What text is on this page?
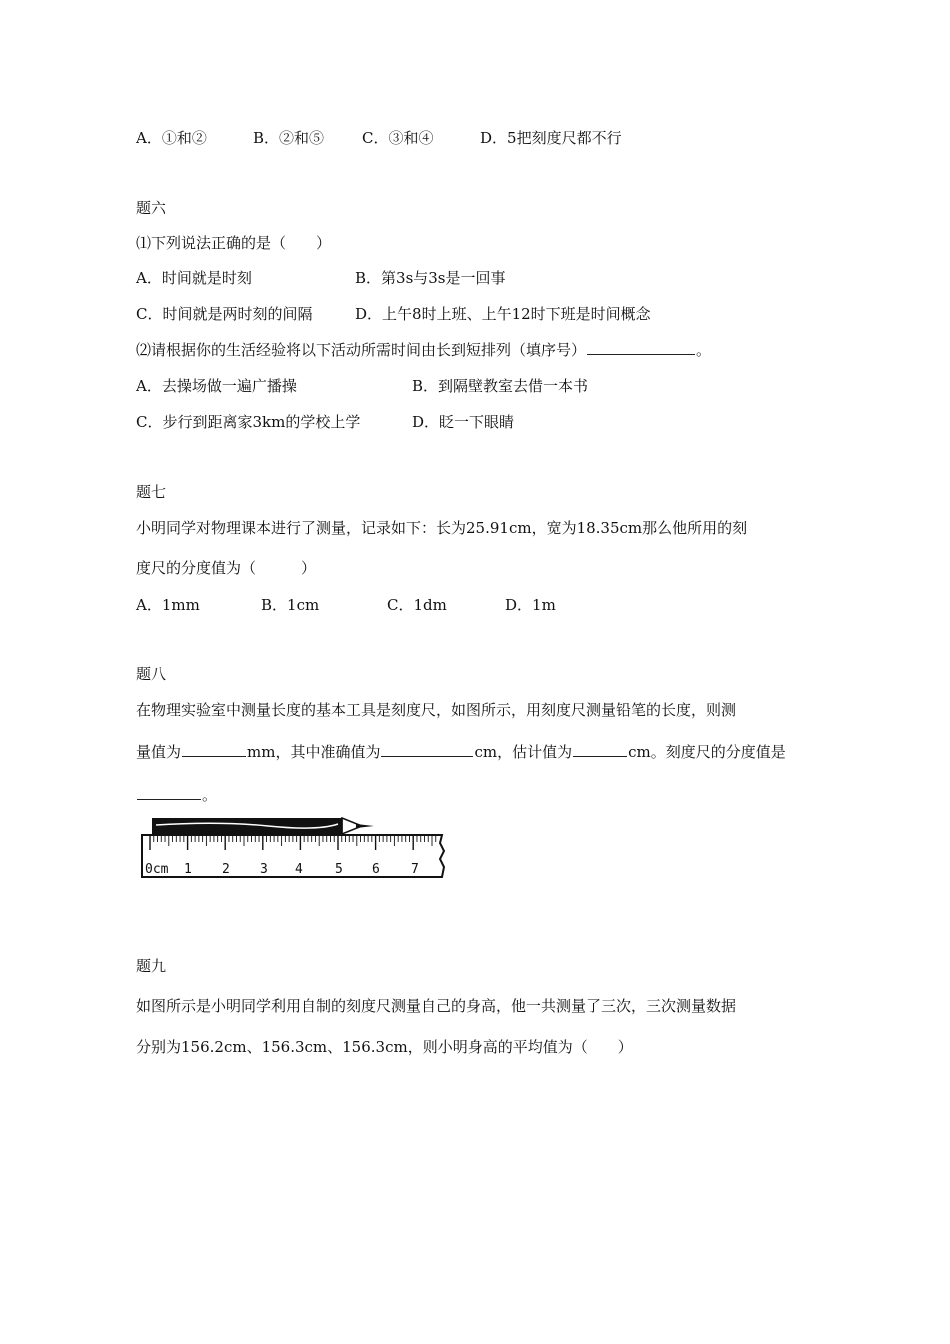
A．①和②	B．②和⑤	C．③和④	D．5把刻度尺都不行
题六
⑴下列说法正确的是（　　）
A．时间就是时刻	B．第3s与3s是一回事
C．时间就是两时刻的间隔	D．上午8时上班、上午12时下班是时间概念
⑵请根据你的生活经验将以下活动所需时间由长到短排列（填序号）	。
A．去操场做一遍广播操	B．到隔壁教室去借一本书
C．步行到距离家3km的学校上学	D．眨一下眼睛
题七
小明同学对物理课本进行了测量，记录如下：长为25.91cm，宽为18.35cm那么他所用的刻
度尺的分度值为（　　　）
A．1mm	B．1cm	C．1dm	D．1m
题八
在物理实验室中测量长度的基本工具是刻度尺，如图所示，用刻度尺测量铅笔的长度，则测
量值为	mm，其中准确值为	cm，估计值为	cm。刻度尺的分度值是
。
0cm 1 2 3 4 5 6 7
题九
如图所示是小明同学利用自制的刻度尺测量自己的身高，他一共测量了三次，三次测量数据
分别为156.2cm、156.3cm、156.3cm，则小明身高的平均值为（　　）
